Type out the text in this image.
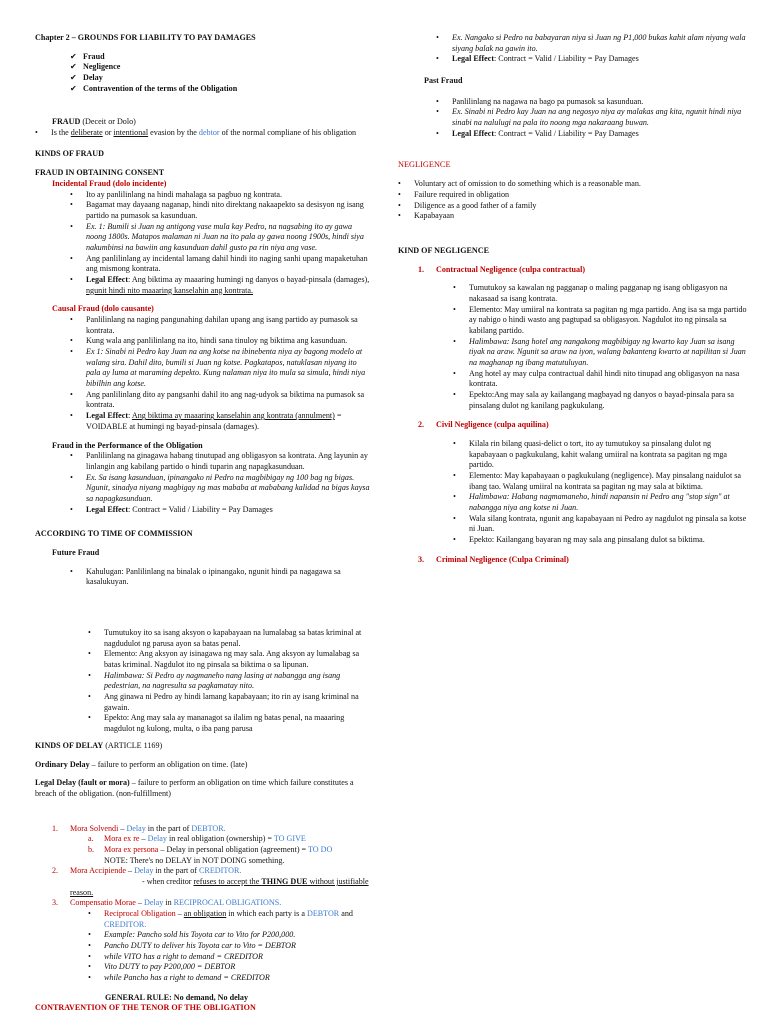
Chapter 2 – GROUNDS FOR LIABILITY TO PAY DAMAGES

✔ Fraud
✔ Negligence
✔ Delay
✔ Contravention of the terms of the Obligation

FRAUD (Deceit or Dolo)

• Is the deliberate or intentional evasion by the debtor of the normal compliane of his obligation

KINDS OF FRAUD

FRAUD IN OBTAINING CONSENT

Incidental Fraud (dolo incidente)

• Ito ay panlilinlang na hindi mahalaga sa pagbuo ng kontrata.
• Bagamat may dayaang naganap, hindi nito direktang nakaapekto sa desisyon ng isang partido na pumasok sa kasunduan.
• Ex. 1: Bumili si Juan ng antigong vase mula kay Pedro, na nagsabing ito ay gawa noong 1800s. Matapos malaman ni Juan na ito pala ay gawa noong 1900s, hindi siya nakumbinsi na bawiin ang kasunduan dahil gusto pa rin niya ang vase.
• Ang panlilinlang ay incidental lamang dahil hindi ito naging sanhi upang mapaketuhan ang mismong kontrata.
• Legal Effect: Ang biktima ay maaaring humingi ng danyos o bayad-pinsala (damages), ngunit hindi nito maaaring kanselahin ang kontrata.

Causal Fraud (dolo causante)

• Panlilinlang na naging pangunahing dahilan upang ang isang partido ay pumasok sa kontrata.
• Kung wala ang panlilinlang na ito, hindi sana tinuloy ng biktima ang kasunduan.
• Ex 1: Sinabi ni Pedro kay Juan na ang kotse na ibinebenta niya ay bagong modelo at walang sira. Dahil dito, bumili si Juan ng kotse. Pagkatapos, natuklasan niyang ito pala ay luma at maraming depekto. Kung nalaman niya ito mula sa simula, hindi niya bibilhin ang kotse.
• Ang panlilinlang dito ay pangsanhi dahil ito ang nag-udyok sa biktima na pumasok sa kontrata.
• Legal Effect: Ang biktima ay maaaring kanselahin ang kontrata (annulment) = VOIDABLE at humingi ng bayad-pinsala (damages).

Fraud in the Performance of the Obligation

• Panlilinlang na ginagawa habang tinutupad ang obligasyon sa kontrata. Ang layunin ay linlangin ang kabilang partido o hindi tuparin ang napagkasunduan.
• Ex. Sa isang kasunduan, ipinangako ni Pedro na magbibigay ng 100 bag ng bigas. Ngunit, sinadya niyang magbigay ng mas mababa at mababang kalidad na bigas kaysa sa napagkasunduan.
• Legal Effect: Contract = Valid / Liability = Pay Damages

ACCORDING TO TIME OF COMMISSION

Future Fraud

• Kahulugan: Panlilinlang na binalak o ipinangako, ngunit hindi pa nagagawa sa kasalukuyan.
• Tumutukoy ito sa isang aksyon o kapabayaan na lumalabag sa batas kriminal at nagdudulot ng parusa ayon sa batas penal.
• Elemento: Ang aksyon ay isinagawa ng may sala. Ang aksyon ay lumalabag sa batas kriminal. Nagdulot ito ng pinsala sa biktima o sa lipunan.
• Halimbawa: Si Pedro ay nagmaneho nang lasing at nabangga ang isang pedestrian, na nagresulta sa pagkamatay nito.
• Ang ginawa ni Pedro ay hindi lamang kapabayaan; ito rin ay isang kriminal na gawain.
• Epekto: Ang may sala ay mananagot sa ilalim ng batas penal, na maaaring magdulot ng kulong, multa, o iba pang parusa

KINDS OF DELAY (ARTICLE 1169)

Ordinary Delay – failure to perform an obligation on time. (late)

Legal Delay (fault or mora) – failure to perform an obligation on time which failure constitutes a breach of the obligation. (non-fulfillment)

1. Mora Solvendi – Delay in the part of DEBTOR.

a. Mora ex re – Delay in real obligation (ownership) = TO GIVE

b. Mora ex persona – Delay in personal obligation (agreement) = TO DO

NOTE: There's no DELAY in NOT DOING something.

2. Mora Accipiende – Delay in the part of CREDITOR.

- when creditor refuses to accept the THING DUE without justifiable

reason.

3. Compensatio Morae – Delay in RECIPROCAL OBLIGATIONS.

• Reciprocal Obligation – an obligation in which each party is a DEBTOR and CREDITOR.
• Example: Pancho sold his Toyota car to Vito for P200,000.
• Pancho DUTY to deliver his Toyota car to Vito = DEBTOR
• while VITO has a right to demand = CREDITOR
• Vito DUTY to pay P200,000 = DEBTOR
• while Pancho has a right to demand = CREDITOR

GENERAL RULE: No demand, No delay

CONTRAVENTION OF THE TENOR OF THE OBLIGATION

• Ex. Nangako si Pedro na babayaran niya si Juan ng P1,000 bukas kahit alam niyang wala siyang balak na gawin ito.
• Legal Effect: Contract = Valid / Liability = Pay Damages

Past Fraud

• Panlilinlang na nagawa na bago pa pumasok sa kasunduan.
• Ex. Sinabi ni Pedro kay Juan na ang negosyo niya ay malakas ang kita, ngunit hindi niya sinabi na nalulugi na pala ito noong mga nakaraang buwan.
• Legal Effect: Contract = Valid / Liability = Pay Damages

NEGLIGENCE

• Voluntary act of omission to do something which is a reasonable man.
• Failure required in obligation
• Diligence as a good father of a family
• Kapabayaan

KIND OF NEGLIGENCE

1. Contractual Negligence (culpa contractual)

• Tumutukoy sa kawalan ng pagganap o maling pagganap ng isang obligasyon na nakasaad sa isang kontrata.
• Elemento: May umiiral na kontrata sa pagitan ng mga partido. Ang isa sa mga partido ay nabigo o hindi wasto ang pagtupad sa obligasyon. Nagdulot ito ng pinsala sa kabilang partido.
• Halimbawa: Isang hotel ang nangakong magbibigay ng kwarto kay Juan sa isang tiyak na araw. Ngunit sa araw na iyon, walang bakanteng kwarto at napilitan si Juan na maghanap ng ibang matutuluyan.
• Ang hotel ay may culpa contractual dahil hindi nito tinupad ang obligasyon na nasa kontrata.
• Epekto:Ang may sala ay kailangang magbayad ng danyos o bayad-pinsala para sa pinsalang dulot ng kanilang pagkukulang.

2. Civil Negligence (culpa aquilina)

• Kilala rin bilang quasi-delict o tort, ito ay tumutukoy sa pinsalang dulot ng kapabayaan o pagkukulang, kahit walang umiiral na kontrata sa pagitan ng mga partido.
• Elemento: May kapabayaan o pagkukulang (negligence). May pinsalang naidulot sa ibang tao. Walang umiiral na kontrata sa pagitan ng may sala at biktima.
• Halimbawa: Habang nagmamaneho, hindi napansin ni Pedro ang "stop sign" at nabangga niya ang kotse ni Juan.
• Wala silang kontrata, ngunit ang kapabayaan ni Pedro ay nagdulot ng pinsala sa kotse ni Juan.
• Epekto: Kailangang bayaran ng may sala ang pinsalang dulot sa biktima.

3. Criminal Negligence (Culpa Criminal)
